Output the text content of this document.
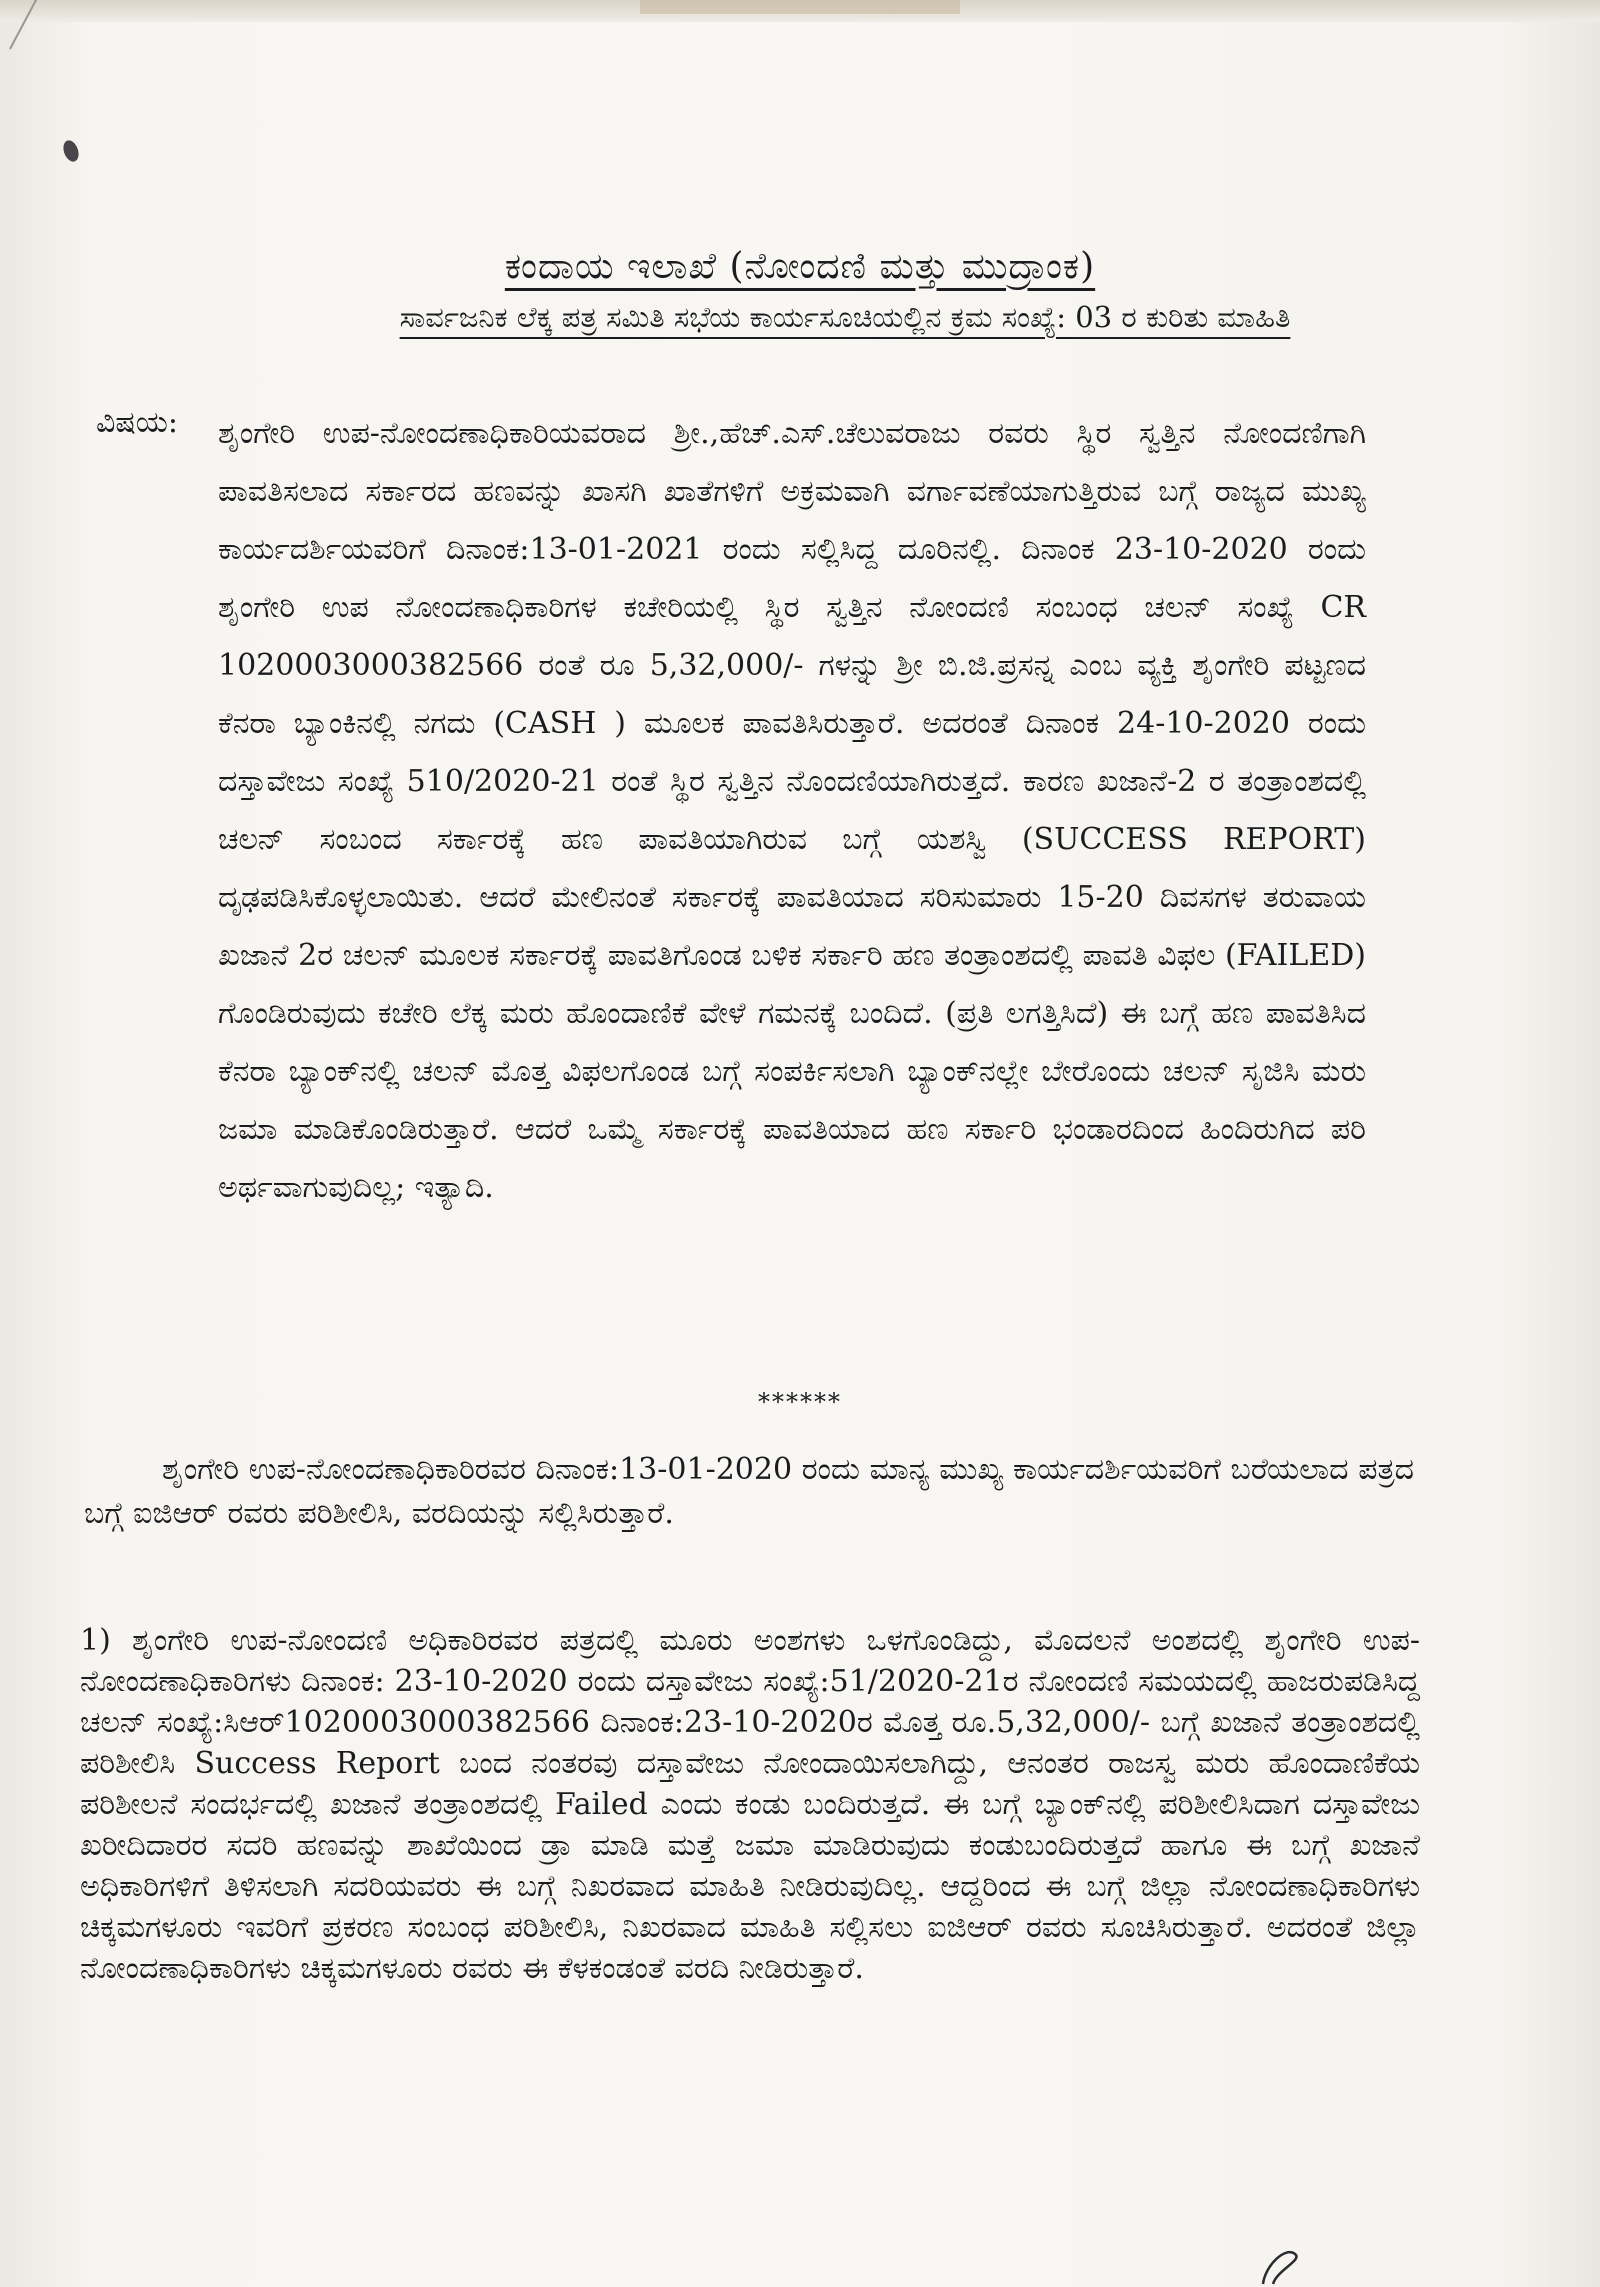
ಕಂದಾಯ ಇಲಾಖೆ (ನೋಂದಣಿ ಮತ್ತು ಮುದ್ರಾಂಕ)
ಸಾರ್ವಜನಿಕ ಲೆಕ್ಕ ಪತ್ರ ಸಮಿತಿ ಸಭೆಯ ಕಾರ್ಯಸೂಚಿಯಲ್ಲಿನ ಕ್ರಮ ಸಂಖ್ಯೆ: 03 ರ ಕುರಿತು ಮಾಹಿತಿ
ವಿಷಯ:	ಶೃಂಗೇರಿ ಉಪ-ನೋಂದಣಾಧಿಕಾರಿಯವರಾದ ಶ್ರೀ.,ಹೆಚ್.ಎಸ್.ಚೆಲುವರಾಜು ರವರು ಸ್ಥಿರ ಸ್ವತ್ತಿನ ನೋಂದಣಿಗಾಗಿ ಪಾವತಿಸಲಾದ ಸರ್ಕಾರದ ಹಣವನ್ನು ಖಾಸಗಿ ಖಾತೆಗಳಿಗೆ ಅಕ್ರಮವಾಗಿ ವರ್ಗಾವಣೆಯಾಗುತ್ತಿರುವ ಬಗ್ಗೆ ರಾಜ್ಯದ ಮುಖ್ಯ ಕಾರ್ಯದರ್ಶಿಯವರಿಗೆ ದಿನಾಂಕ:13-01-2021 ರಂದು ಸಲ್ಲಿಸಿದ್ದ ದೂರಿನಲ್ಲಿ. ದಿನಾಂಕ 23-10-2020 ರಂದು ಶೃಂಗೇರಿ ಉಪ ನೋಂದಣಾಧಿಕಾರಿಗಳ ಕಚೇರಿಯಲ್ಲಿ ಸ್ಥಿರ ಸ್ವತ್ತಿನ ನೋಂದಣಿ ಸಂಬಂಧ ಚಲನ್ ಸಂಖ್ಯೆ CR 1020003000382566 ರಂತೆ ರೂ 5,32,000/- ಗಳನ್ನು ಶ್ರೀ ಬಿ.ಜಿ.ಪ್ರಸನ್ನ ಎಂಬ ವ್ಯಕ್ತಿ ಶೃಂಗೇರಿ ಪಟ್ಟಣದ ಕೆನರಾ ಬ್ಯಾಂಕಿನಲ್ಲಿ ನಗದು (CASH ) ಮೂಲಕ ಪಾವತಿಸಿರುತ್ತಾರೆ. ಅದರಂತೆ ದಿನಾಂಕ 24-10-2020 ರಂದು ದಸ್ತಾವೇಜು ಸಂಖ್ಯೆ 510/2020-21 ರಂತೆ ಸ್ಥಿರ ಸ್ವತ್ತಿನ ನೊಂದಣಿಯಾಗಿರುತ್ತದೆ. ಕಾರಣ ಖಜಾನೆ-2 ರ ತಂತ್ರಾಂಶದಲ್ಲಿ ಚಲನ್ ಸಂಬಂದ ಸರ್ಕಾರಕ್ಕೆ ಹಣ ಪಾವತಿಯಾಗಿರುವ ಬಗ್ಗೆ ಯಶಸ್ವಿ (SUCCESS REPORT) ದೃಢಪಡಿಸಿಕೊಳ್ಳಲಾಯಿತು. ಆದರೆ ಮೇಲಿನಂತೆ ಸರ್ಕಾರಕ್ಕೆ ಪಾವತಿಯಾದ ಸರಿಸುಮಾರು 15-20 ದಿವಸಗಳ ತರುವಾಯ ಖಜಾನೆ 2ರ ಚಲನ್ ಮೂಲಕ ಸರ್ಕಾರಕ್ಕೆ ಪಾವತಿಗೊಂಡ ಬಳಿಕ ಸರ್ಕಾರಿ ಹಣ ತಂತ್ರಾಂಶದಲ್ಲಿ ಪಾವತಿ ವಿಫಲ (FAILED) ಗೊಂಡಿರುವುದು ಕಚೇರಿ ಲೆಕ್ಕ ಮರು ಹೊಂದಾಣಿಕೆ ವೇಳೆ ಗಮನಕ್ಕೆ ಬಂದಿದೆ. (ಪ್ರತಿ ಲಗತ್ತಿಸಿದೆ) ಈ ಬಗ್ಗೆ ಹಣ ಪಾವತಿಸಿದ ಕೆನರಾ ಬ್ಯಾಂಕ್‌ನಲ್ಲಿ ಚಲನ್ ಮೊತ್ತ ವಿಫಲಗೊಂಡ ಬಗ್ಗೆ ಸಂಪರ್ಕಿಸಲಾಗಿ ಬ್ಯಾಂಕ್‌ನಲ್ಲೇ ಬೇರೊಂದು ಚಲನ್ ಸೃಜಿಸಿ ಮರು ಜಮಾ ಮಾಡಿಕೊಂಡಿರುತ್ತಾರೆ. ಆದರೆ ಒಮ್ಮೆ ಸರ್ಕಾರಕ್ಕೆ ಪಾವತಿಯಾದ ಹಣ ಸರ್ಕಾರಿ ಭಂಡಾರದಿಂದ ಹಿಂದಿರುಗಿದ ಪರಿ ಅರ್ಥವಾಗುವುದಿಲ್ಲ; ಇತ್ಯಾದಿ.
******
ಶೃಂಗೇರಿ ಉಪ-ನೋಂದಣಾಧಿಕಾರಿರವರ ದಿನಾಂಕ:13-01-2020 ರಂದು ಮಾನ್ಯ ಮುಖ್ಯ ಕಾರ್ಯದರ್ಶಿಯವರಿಗೆ ಬರೆಯಲಾದ ಪತ್ರದ ಬಗ್ಗೆ ಐಜಿಆರ್ ರವರು ಪರಿಶೀಲಿಸಿ, ವರದಿಯನ್ನು ಸಲ್ಲಿಸಿರುತ್ತಾರೆ.
1) ಶೃಂಗೇರಿ ಉಪ-ನೋಂದಣಿ ಅಧಿಕಾರಿರವರ ಪತ್ರದಲ್ಲಿ ಮೂರು ಅಂಶಗಳು ಒಳಗೊಂಡಿದ್ದು, ಮೊದಲನೆ ಅಂಶದಲ್ಲಿ ಶೃಂಗೇರಿ ಉಪ-ನೋಂದಣಾಧಿಕಾರಿಗಳು ದಿನಾಂಕ: 23-10-2020 ರಂದು ದಸ್ತಾವೇಜು ಸಂಖ್ಯೆ:51/2020-21ರ ನೋಂದಣಿ ಸಮಯದಲ್ಲಿ ಹಾಜರುಪಡಿಸಿದ್ದ ಚಲನ್ ಸಂಖ್ಯೆ:ಸಿಆರ್1020003000382566 ದಿನಾಂಕ:23-10-2020ರ ಮೊತ್ತ ರೂ.5,32,000/- ಬಗ್ಗೆ ಖಜಾನೆ ತಂತ್ರಾಂಶದಲ್ಲಿ ಪರಿಶೀಲಿಸಿ Success Report ಬಂದ ನಂತರವು ದಸ್ತಾವೇಜು ನೋಂದಾಯಿಸಲಾಗಿದ್ದು, ಆನಂತರ ರಾಜಸ್ವ ಮರು ಹೊಂದಾಣಿಕೆಯ ಪರಿಶೀಲನೆ ಸಂದರ್ಭದಲ್ಲಿ ಖಜಾನೆ ತಂತ್ರಾಂಶದಲ್ಲಿ Failed ಎಂದು ಕಂಡು ಬಂದಿರುತ್ತದೆ. ಈ ಬಗ್ಗೆ ಬ್ಯಾಂಕ್‌ನಲ್ಲಿ ಪರಿಶೀಲಿಸಿದಾಗ ದಸ್ತಾವೇಜು ಖರೀದಿದಾರರ ಸದರಿ ಹಣವನ್ನು ಶಾಖೆಯಿಂದ ಡ್ರಾ ಮಾಡಿ ಮತ್ತೆ ಜಮಾ ಮಾಡಿರುವುದು ಕಂಡುಬಂದಿರುತ್ತದೆ ಹಾಗೂ ಈ ಬಗ್ಗೆ ಖಜಾನೆ ಅಧಿಕಾರಿಗಳಿಗೆ ತಿಳಿಸಲಾಗಿ ಸದರಿಯವರು ಈ ಬಗ್ಗೆ ನಿಖರವಾದ ಮಾಹಿತಿ ನೀಡಿರುವುದಿಲ್ಲ. ಆದ್ದರಿಂದ ಈ ಬಗ್ಗೆ ಜಿಲ್ಲಾ ನೋಂದಣಾಧಿಕಾರಿಗಳು ಚಿಕ್ಕಮಗಳೂರು ಇವರಿಗೆ ಪ್ರಕರಣ ಸಂಬಂಧ ಪರಿಶೀಲಿಸಿ, ನಿಖರವಾದ ಮಾಹಿತಿ ಸಲ್ಲಿಸಲು ಐಜಿಆರ್ ರವರು ಸೂಚಿಸಿರುತ್ತಾರೆ. ಅದರಂತೆ ಜಿಲ್ಲಾ ನೋಂದಣಾಧಿಕಾರಿಗಳು ಚಿಕ್ಕಮಗಳೂರು ರವರು ಈ ಕೆಳಕಂಡಂತೆ ವರದಿ ನೀಡಿರುತ್ತಾರೆ.
